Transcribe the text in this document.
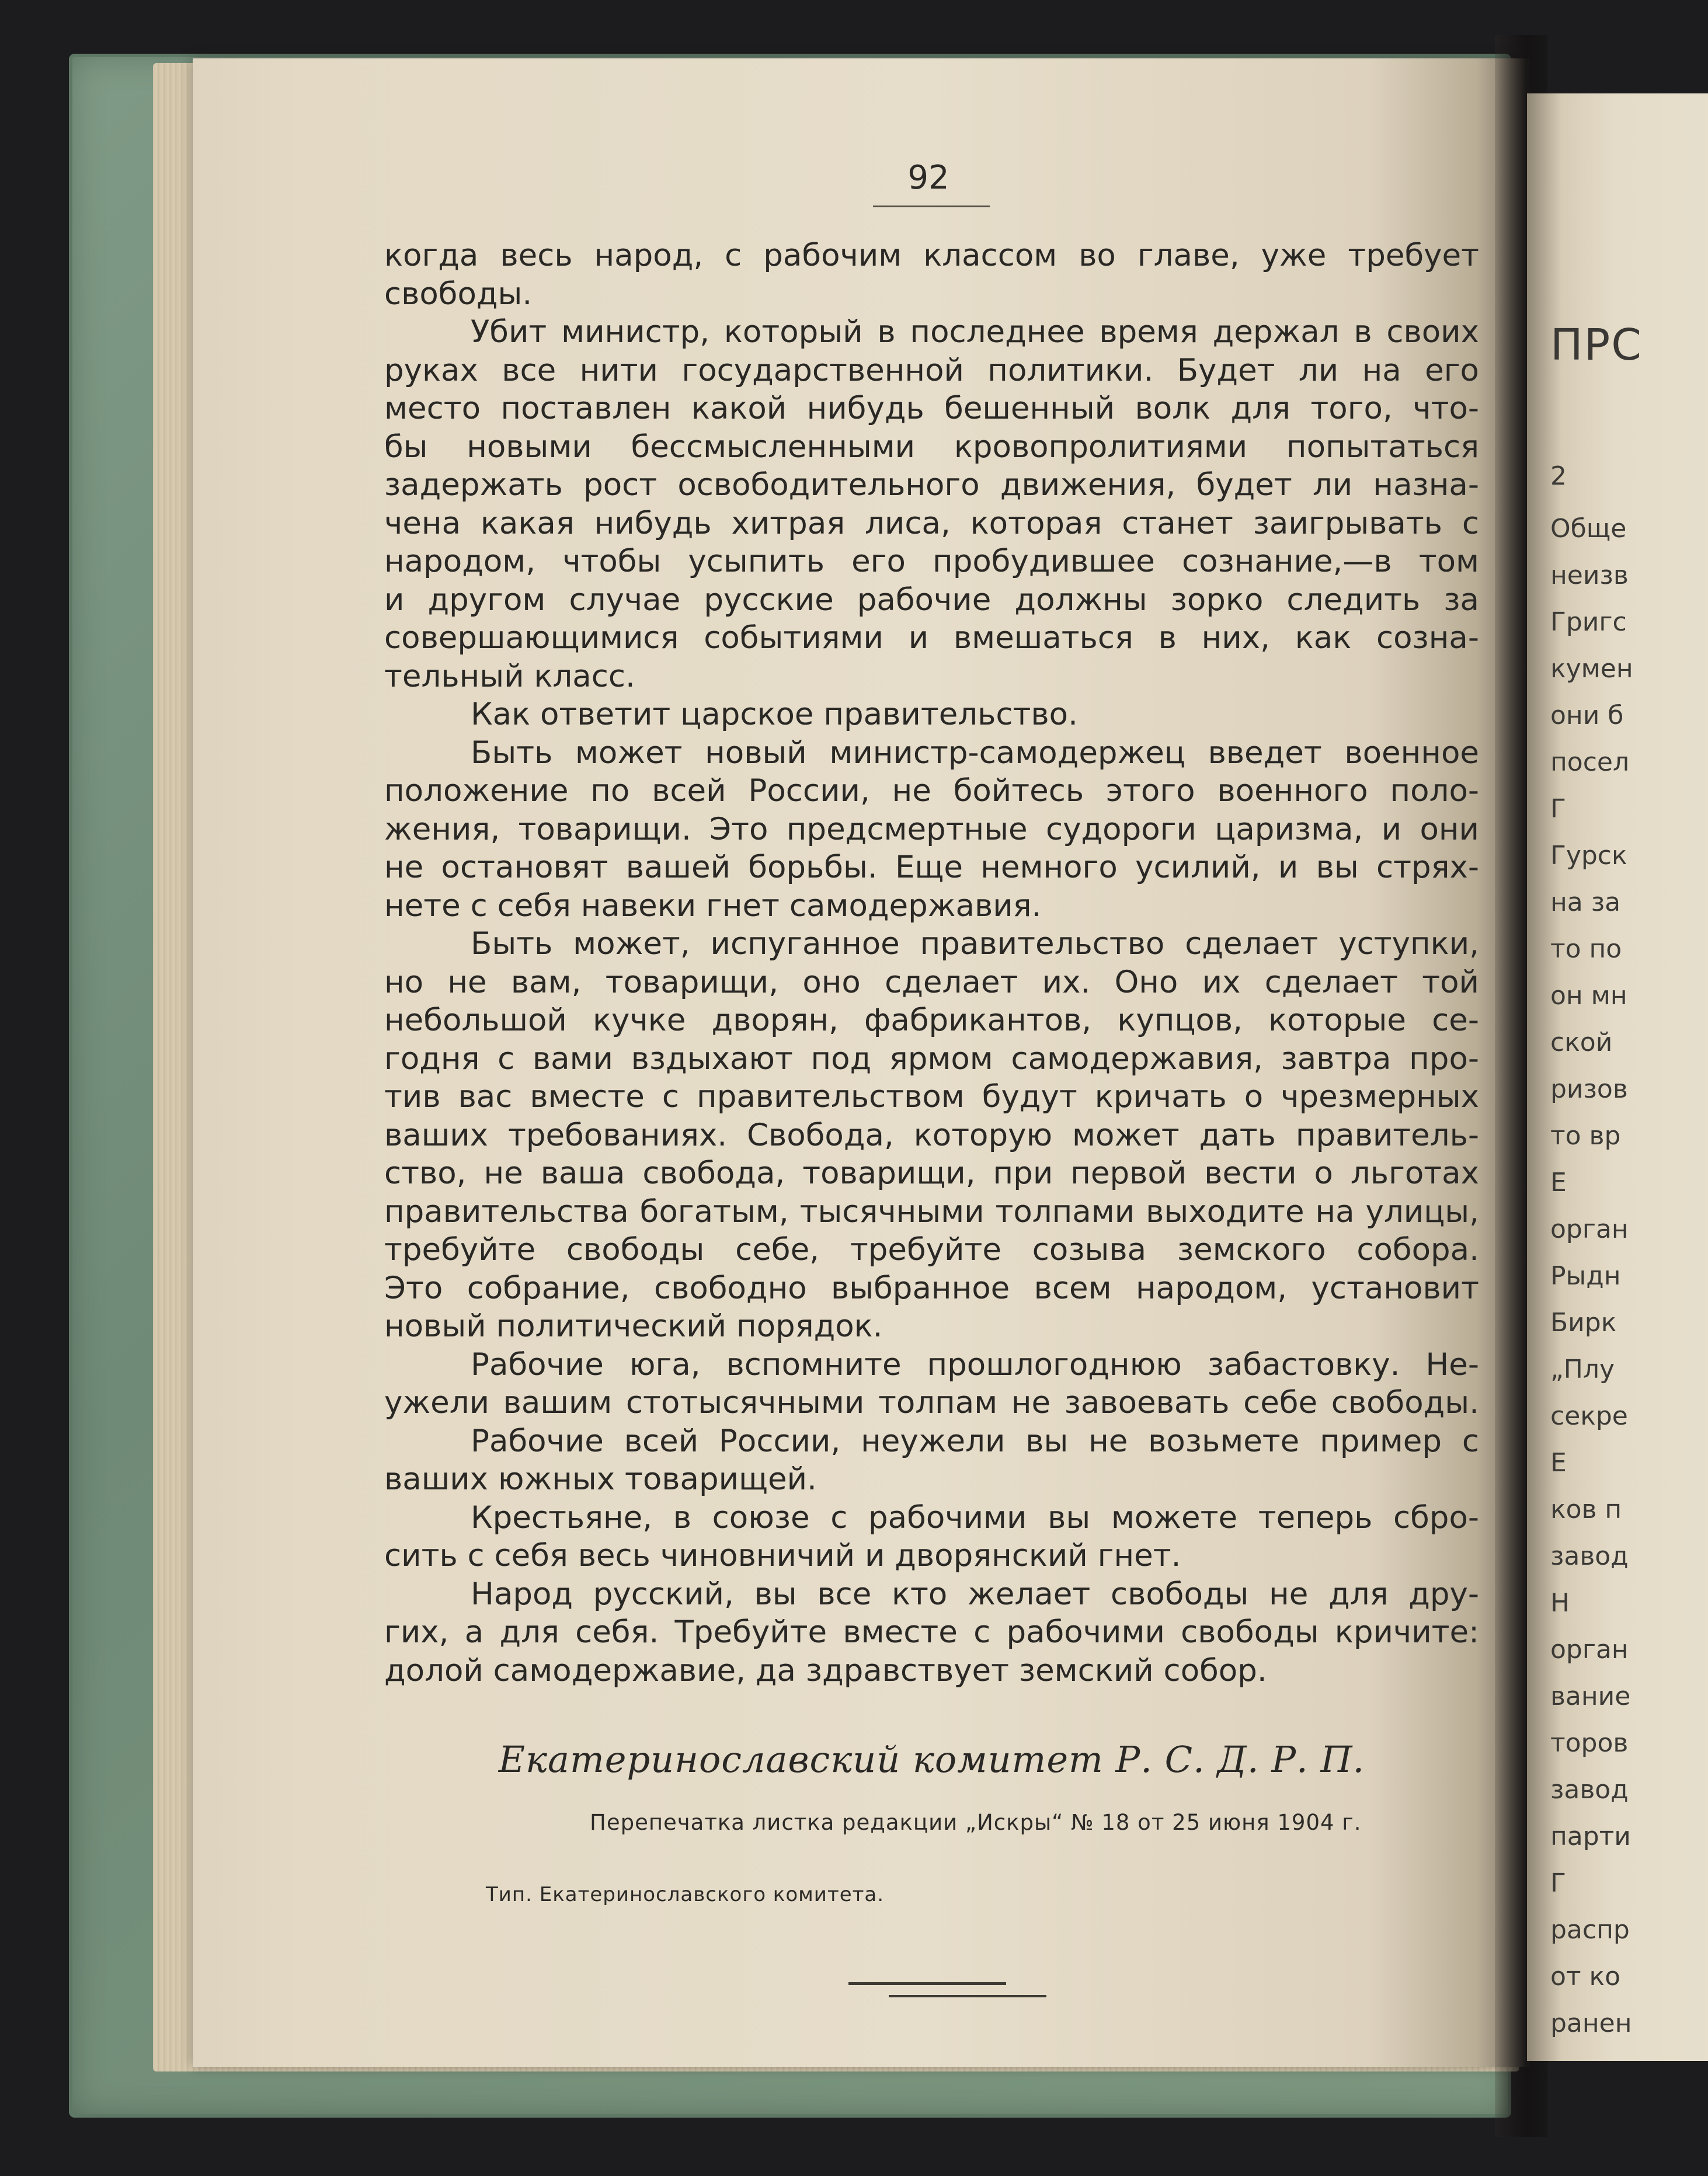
ПРС
2
Обще
неизв
Григс
кумен
они б
посел
Г
Гурск
на за
то по
он мн
ской
ризов
то вр
Е
орган
Рыдн
Бирк
„Плу
секре
Е
ков п
завод
Н
орган
вание
торов
завод
парти
Г
распр
от ко
ранен
92
когда весь народ, с рабочим классом во главе, уже требует
свободы.
Убит министр, который в последнее время держал в своих
руках все нити государственной политики. Будет ли на его
место поставлен какой нибудь бешенный волк для того, что-
бы новыми бессмысленными кровопролитиями попытаться
задержать рост освободительного движения, будет ли назна-
чена какая нибудь хитрая лиса, которая станет заигрывать с
народом, чтобы усыпить его пробудившее сознание,—в том
и другом случае русские рабочие должны зорко следить за
совершающимися событиями и вмешаться в них, как созна-
тельный класс.
Как ответит царское правительство.
Быть может новый министр-самодержец введет военное
положение по всей России, не бойтесь этого военного поло-
жения, товарищи. Это предсмертные судороги царизма, и они
не остановят вашей борьбы. Еще немного усилий, и вы стрях-
нете с себя навеки гнет самодержавия.
Быть может, испуганное правительство сделает уступки,
но не вам, товарищи, оно сделает их. Оно их сделает той
небольшой кучке дворян, фабрикантов, купцов, которые се-
годня с вами вздыхают под ярмом самодержавия, завтра про-
тив вас вместе с правительством будут кричать о чрезмерных
ваших требованиях. Свобода, которую может дать правитель-
ство, не ваша свобода, товарищи, при первой вести о льготах
правительства богатым, тысячными толпами выходите на улицы,
требуйте свободы себе, требуйте созыва земского собора.
Это собрание, свободно выбранное всем народом, установит
новый политический порядок.
Рабочие юга, вспомните прошлогоднюю забастовку. Не-
ужели вашим стотысячными толпам не завоевать себе свободы.
Рабочие всей России, неужели вы не возьмете пример с
ваших южных товарищей.
Крестьяне, в союзе с рабочими вы можете теперь сбро-
сить с себя весь чиновничий и дворянский гнет.
Народ русский, вы все кто желает свободы не для дру-
гих, а для себя. Требуйте вместе с рабочими свободы кричите:
долой самодержавие, да здравствует земский собор.
Екатеринославский комитет Р. С. Д. Р. П.
Перепечатка листка редакции „Искры“ № 18 от 25 июня 1904 г.
Тип. Екатеринославского комитета.
